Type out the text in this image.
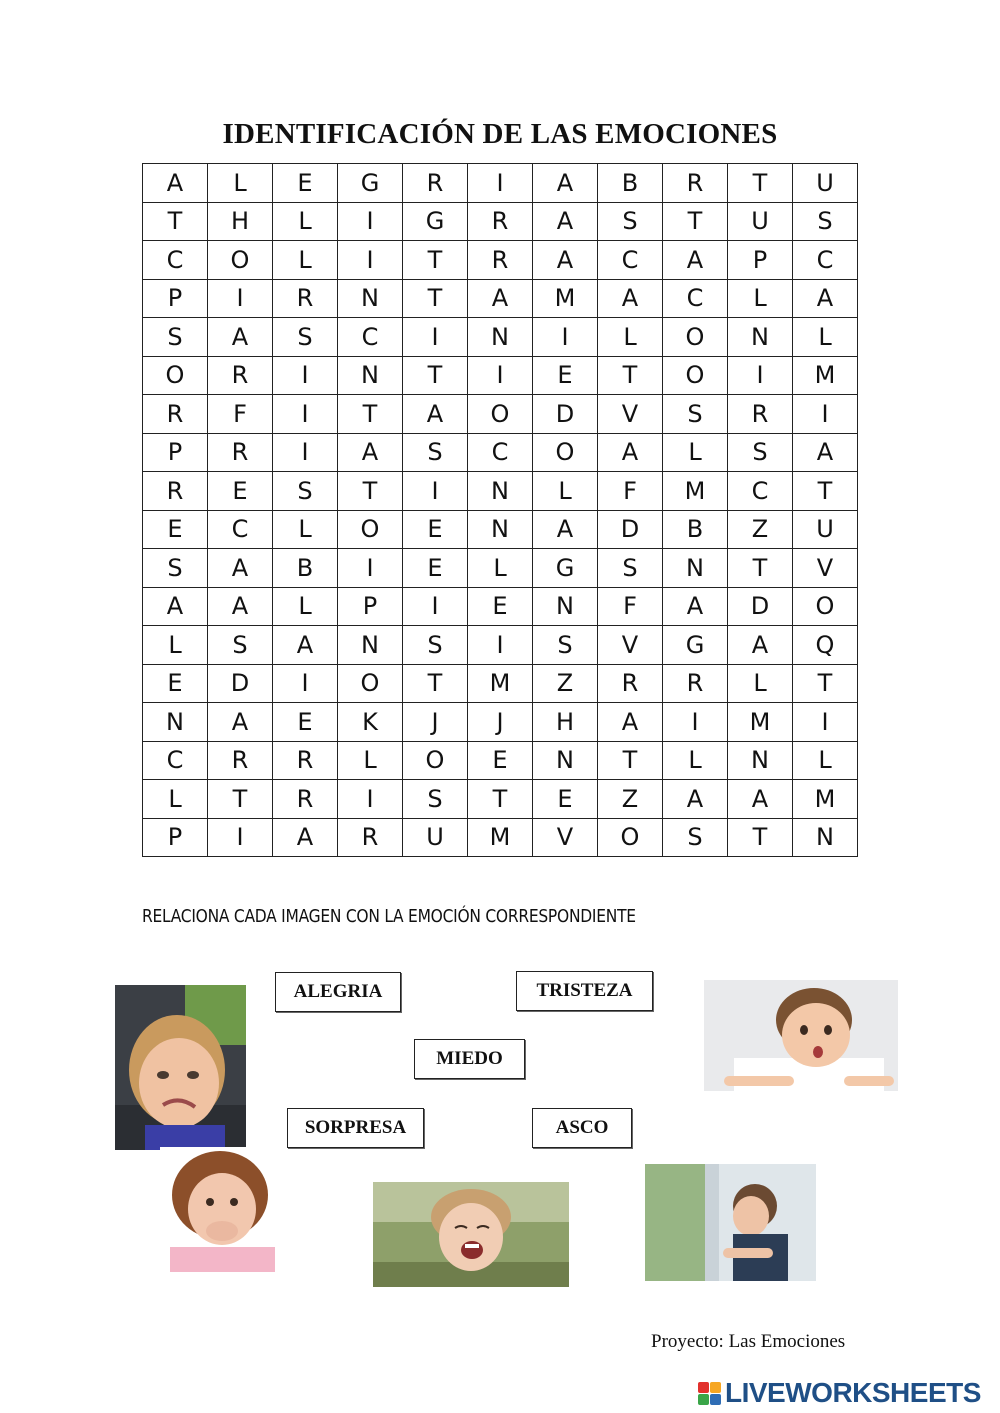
IDENTIFICACIÓN DE LAS EMOCIONES
A	L	E	G	R	I	A	B	R	T	U
T	H	L	I	G	R	A	S	T	U	S
C	O	L	I	T	R	A	C	A	P	C
P	I	R	N	T	A	M	A	C	L	A
S	A	S	C	I	N	I	L	O	N	L
O	R	I	N	T	I	E	T	O	I	M
R	F	I	T	A	O	D	V	S	R	I
P	R	I	A	S	C	O	A	L	S	A
R	E	S	T	I	N	L	F	M	C	T
E	C	L	O	E	N	A	D	B	Z	U
S	A	B	I	E	L	G	S	N	T	V
A	A	L	P	I	E	N	F	A	D	O
L	S	A	N	S	I	S	V	G	A	Q
E	D	I	O	T	M	Z	R	R	L	T
N	A	E	K	J	J	H	A	I	M	I
C	R	R	L	O	E	N	T	L	N	L
L	T	R	I	S	T	E	Z	A	A	M
P	I	A	R	U	M	V	O	S	T	N
RELACIONA CADA IMAGEN CON LA EMOCIÓN CORRESPONDIENTE
ALEGRIA	TRISTEZA
MIEDO
SORPRESA	ASCO
Proyecto: Las Emociones
LIVEWORKSHEETS
